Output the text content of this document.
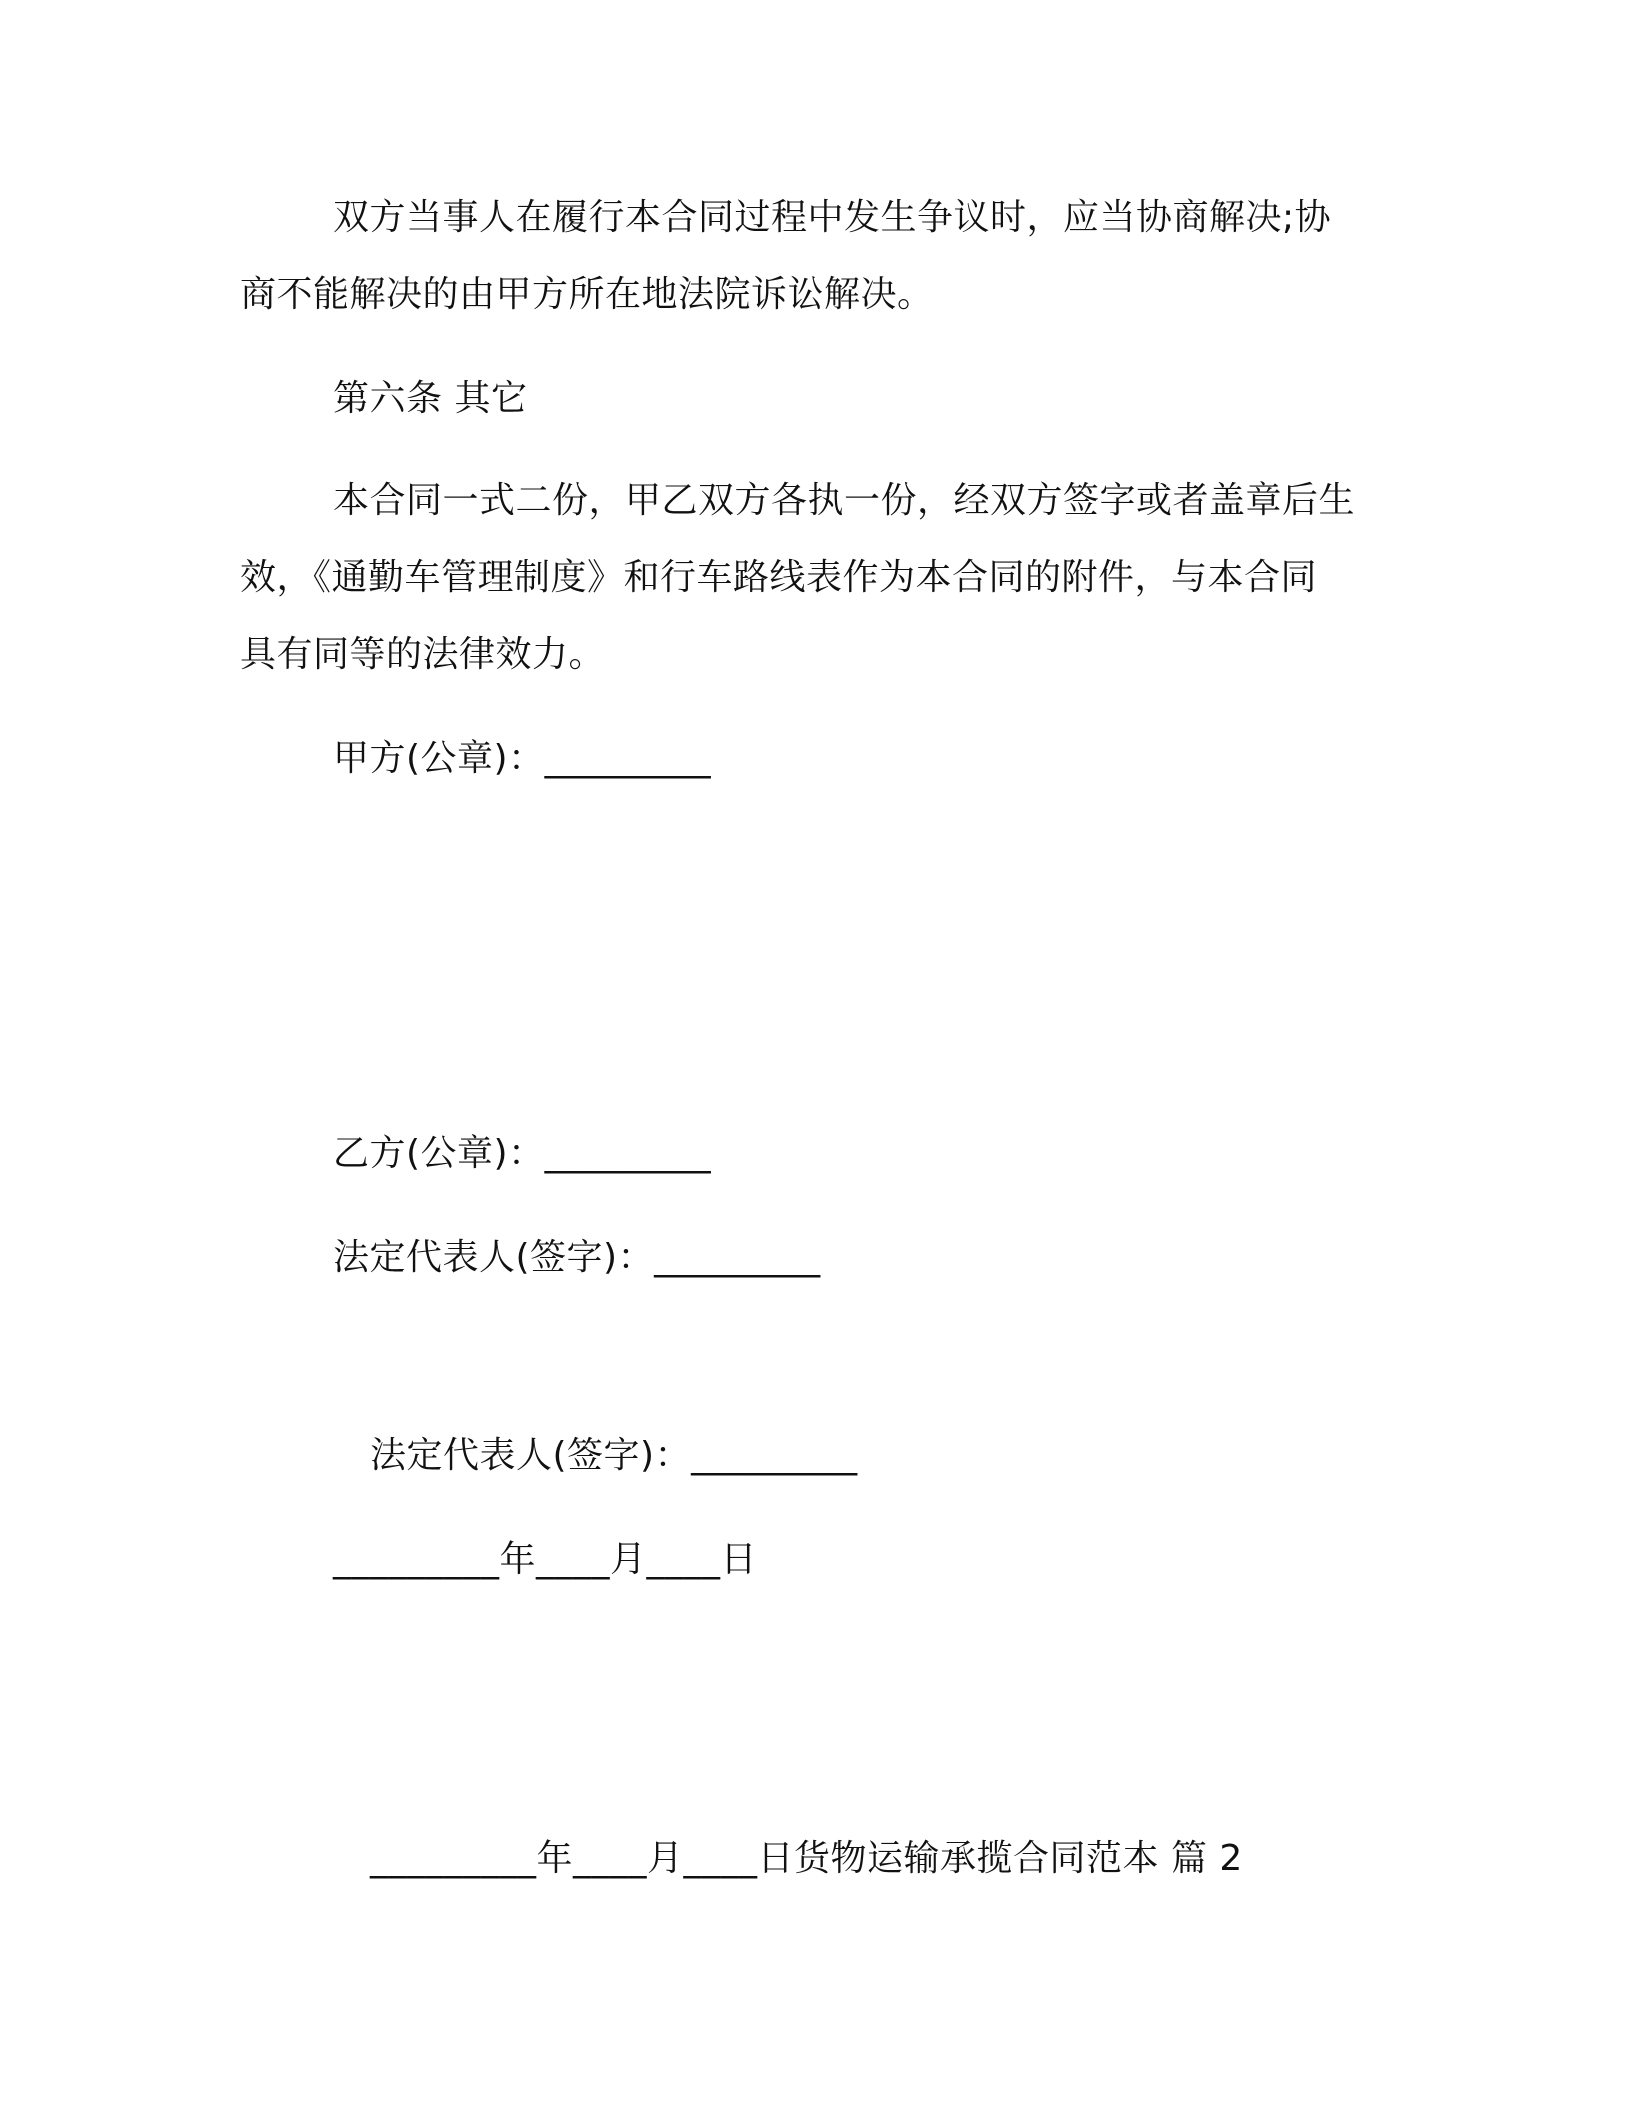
双方当事人在履行本合同过程中发生争议时，应当协商解决;协
商不能解决的由甲方所在地法院诉讼解决。
第六条 其它
本合同一式二份，甲乙双方各执一份，经双方签字或者盖章后生
效，《通勤车管理制度》和行车路线表作为本合同的附件，与本合同
具有同等的法律效力。
甲方(公章)：_________
乙方(公章)：_________
法定代表人(签字)：_________
法定代表人(签字)：_________
_________年____月____日
_________年____月____日货物运输承揽合同范本 篇 2
